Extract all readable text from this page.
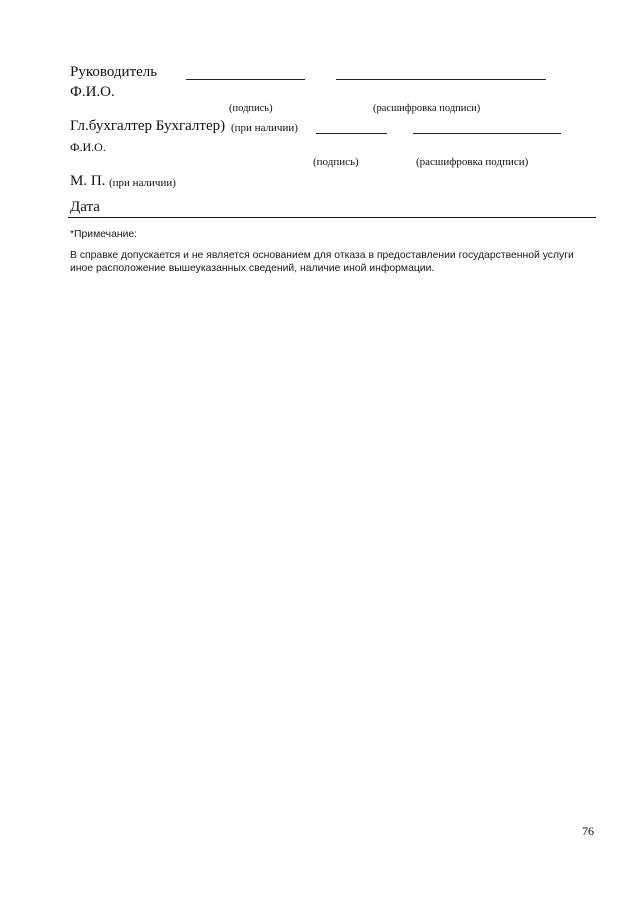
Руководитель
Ф.И.О.
(подпись)	(расшифровка подписи)
Гл.бухгалтер Бухгалтер) (при наличии)
Ф.И.О.
(подпись)	(расшифровка подписи)
М. П. (при наличии)
Дата
*Примечание:
В справке допускается и не является основанием для отказа в предоставлении государственной услуги
иное расположение вышеуказанных сведений, наличие иной информации.
76
